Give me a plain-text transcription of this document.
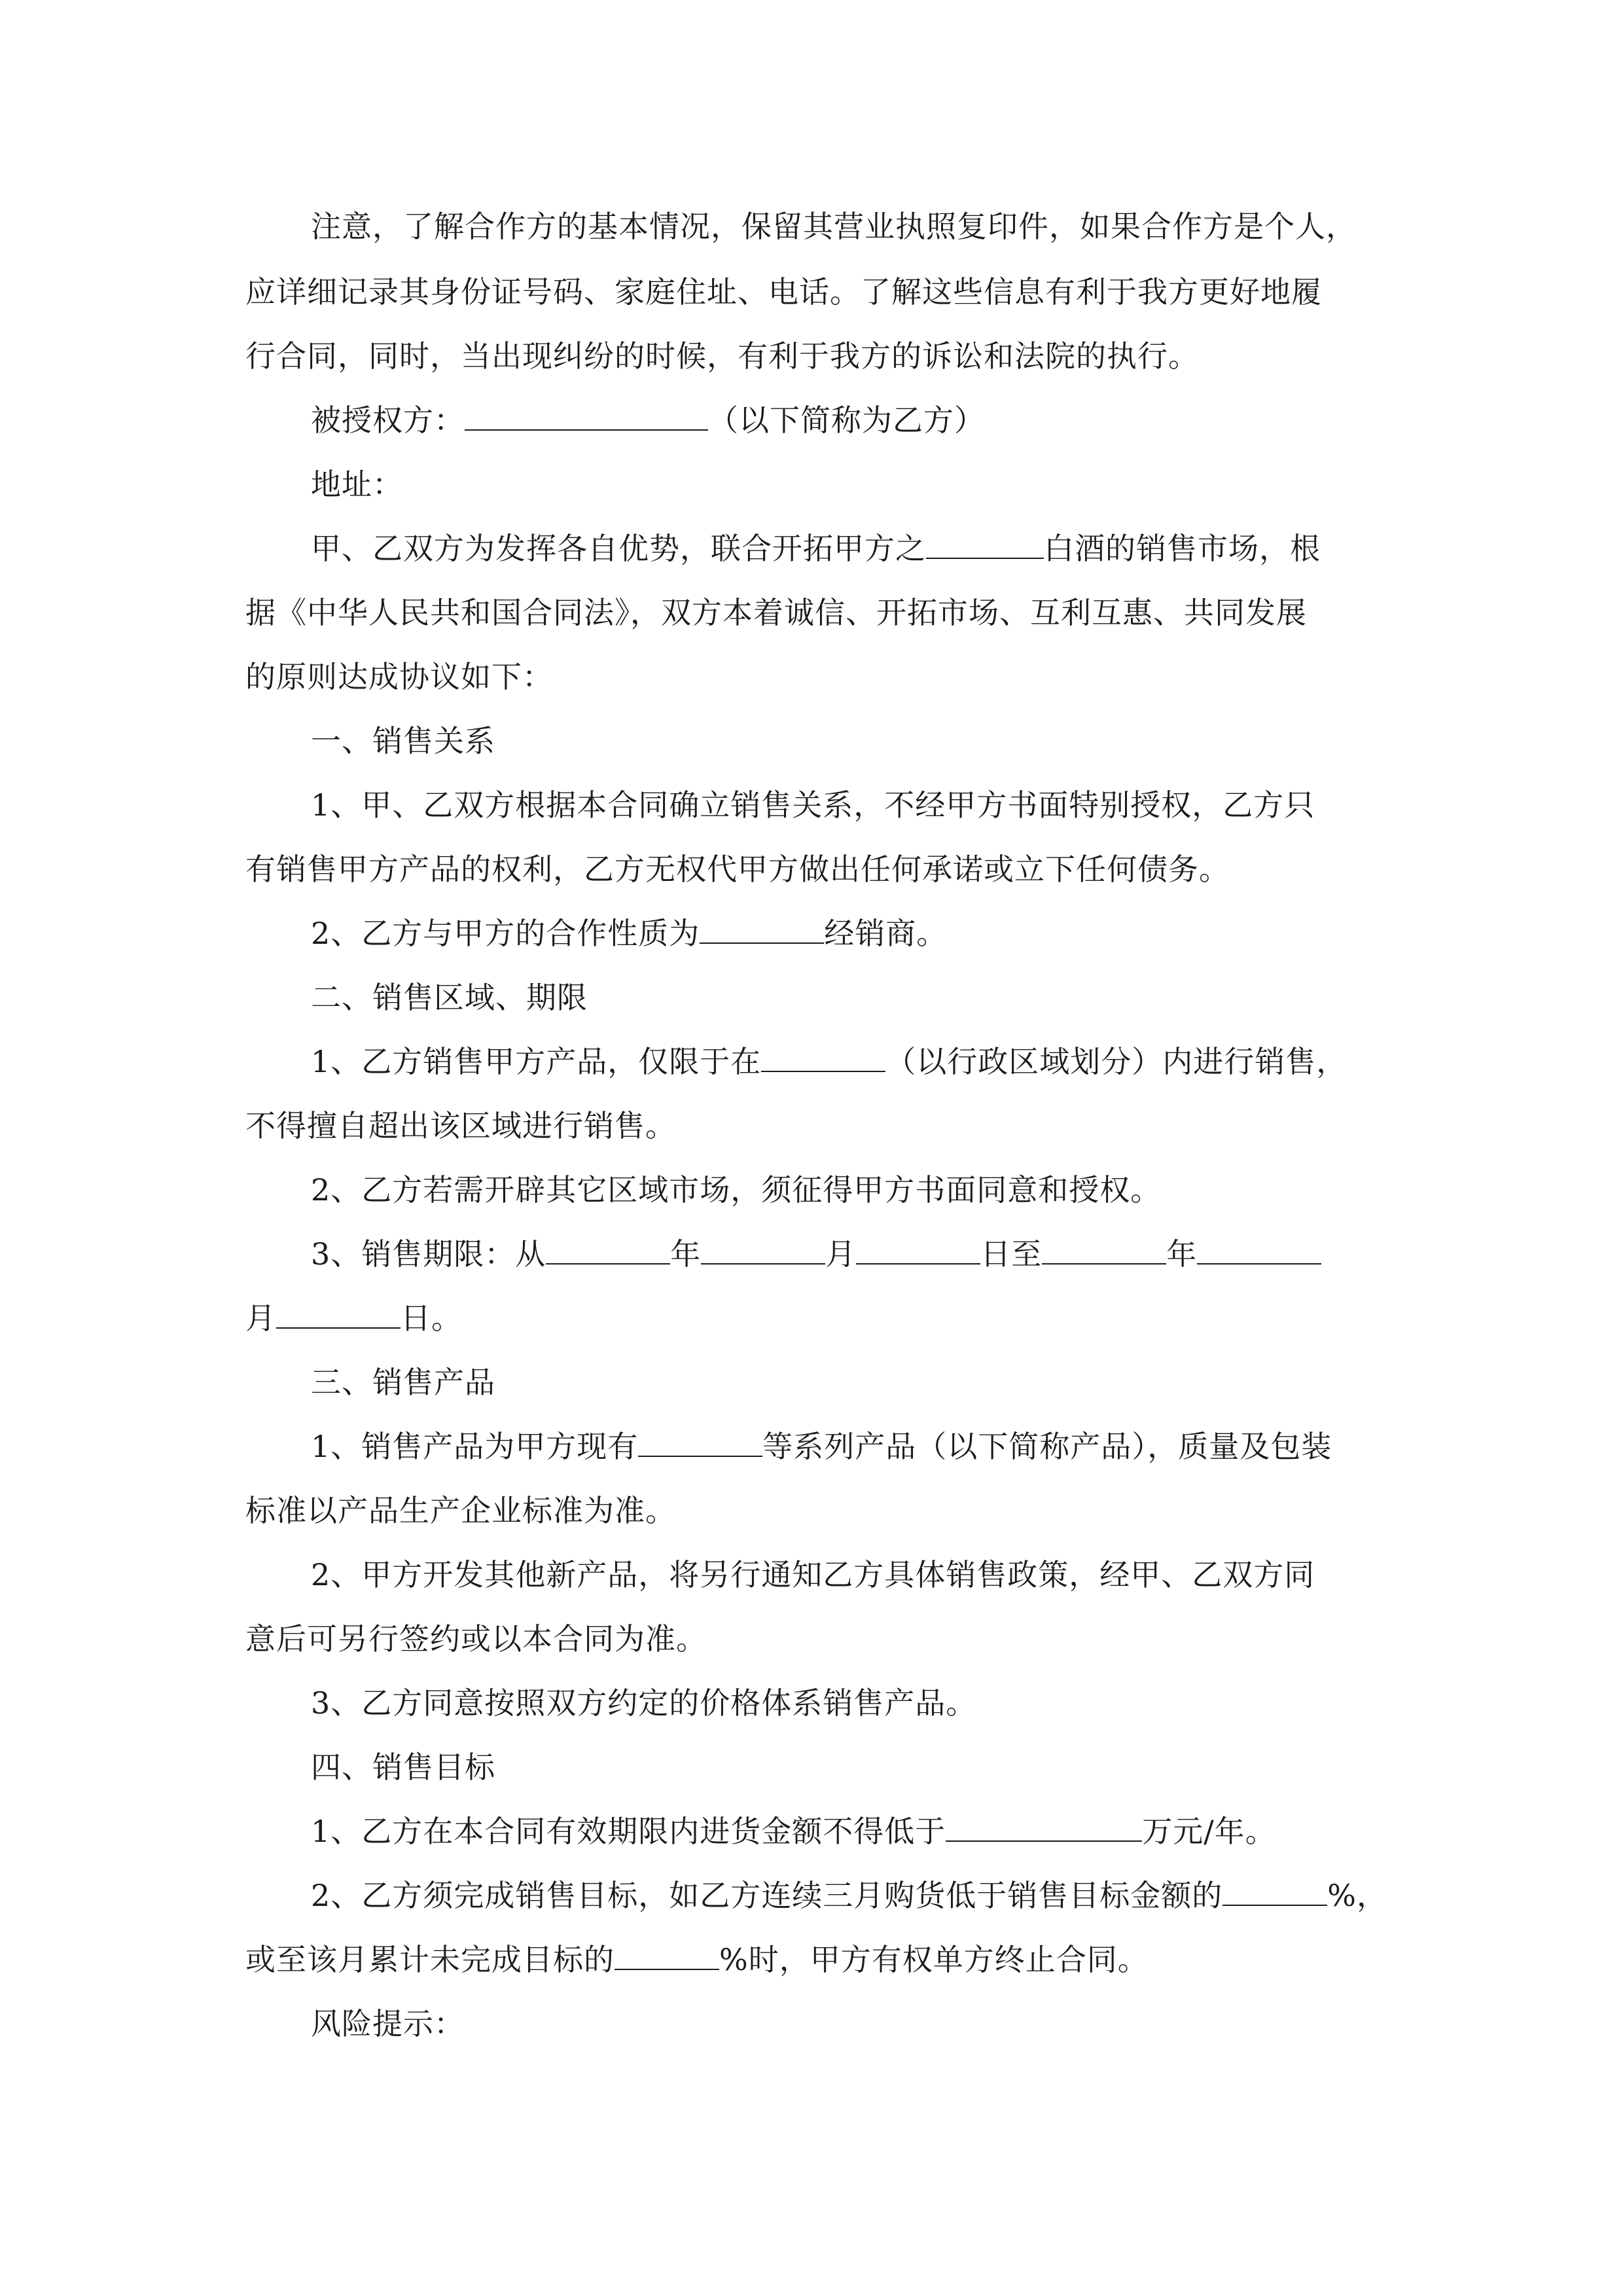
注意，了解合作方的基本情况，保留其营业执照复印件，如果合作方是个人，
应详细记录其身份证号码、家庭住址、电话。了解这些信息有利于我方更好地履
行合同，同时，当出现纠纷的时候，有利于我方的诉讼和法院的执行。
被授权方：	（以下简称为乙方）
地址：
甲、乙双方为发挥各自优势，联合开拓甲方之	白酒的销售市场，根
据《中华人民共和国合同法》，双方本着诚信、开拓市场、互利互惠、共同发展
的原则达成协议如下：
一、销售关系
1、甲、乙双方根据本合同确立销售关系，不经甲方书面特别授权，乙方只
有销售甲方产品的权利，乙方无权代甲方做出任何承诺或立下任何债务。
2、乙方与甲方的合作性质为	经销商。
二、销售区域、期限
1、乙方销售甲方产品，仅限于在	（以行政区域划分）内进行销售，
不得擅自超出该区域进行销售。
2、乙方若需开辟其它区域市场，须征得甲方书面同意和授权。
3、销售期限：从	年	月	日至	年
月	日。
三、销售产品
1、销售产品为甲方现有	等系列产品（以下简称产品），质量及包装
标准以产品生产企业标准为准。
2、甲方开发其他新产品，将另行通知乙方具体销售政策，经甲、乙双方同
意后可另行签约或以本合同为准。
3、乙方同意按照双方约定的价格体系销售产品。
四、销售目标
1、乙方在本合同有效期限内进货金额不得低于	万元/年。
2、乙方须完成销售目标，如乙方连续三月购货低于销售目标金额的	%，
或至该月累计未完成目标的	%时，甲方有权单方终止合同。
风险提示：
